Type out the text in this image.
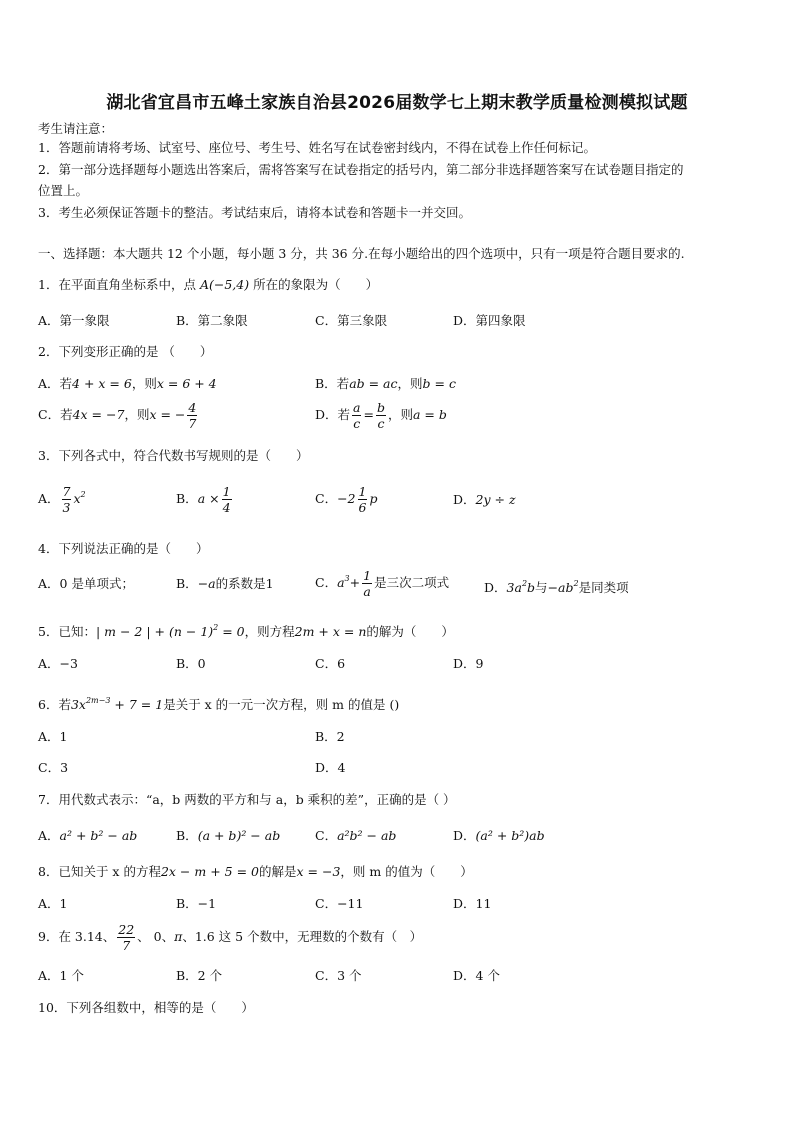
湖北省宜昌市五峰土家族自治县2026届数学七上期末教学质量检测模拟试题
考生请注意：
1．答题前请将考场、试室号、座位号、考生号、姓名写在试卷密封线内，不得在试卷上作任何标记。
2．第一部分选择题每小题选出答案后，需将答案写在试卷指定的括号内，第二部分非选择题答案写在试卷题目指定的
位置上。
3．考生必须保证答题卡的整洁。考试结束后，请将本试卷和答题卡一并交回。
一、选择题：本大题共 12 个小题，每小题 3 分，共 36 分.在每小题给出的四个选项中，只有一项是符合题目要求的.
1．在平面直角坐标系中，点 A(−5,4) 所在的象限为（　　）
A．第一象限	B．第二象限	C．第三象限	D．第四象限
2．下列变形正确的是 （　　）
A．若4 + x = 6，则x = 6 + 4	B．若ab = ac，则b = c
C．若4x = −7，则x = − $\frac{4}{7}$	D．若 $\frac{a}{c} = \frac{b}{c}$ ，则a = b
3．下列各式中，符合代数书写规则的是（　　）
A． $\frac{7}{3} x^2$	B．$a \times \frac{1}{4}$	C．$-2 \frac{1}{6}$ p	D．2y ÷ z
4．下列说法正确的是（　　）
A．0 是单项式；	B．−a的系数是1	C．$a^3+ \frac{1}{a}$ 是三次二项式	D．$3a^2b$与$-ab^2$是同类项
5．已知：| m − 2 | + $(n - 1)^2 = 0$，则方程2m + x = n的解为（　　）
A．−3	B．0	C．6	D．9
6．若$3x^{2m-3} + 7 = 1$是关于 x 的一元一次方程，则 m 的值是 ()
A．1	B．2
C．3	D．4
7．用代数式表示：“a，b 两数的平方和与 a，b 乘积的差”，正确的是（ ）
A．a² + b² − ab	B．(a + b)² − ab	C．a²b² − ab	D．(a² + b²)ab
8．已知关于 x 的方程2x − m + 5 = 0的解是x = −3，则 m 的值为（　　）
A．1	B．−1	C．−11	D．11
9．在 3.14、 $\frac{22}{7}$ 、 0、π、1.6 这 5 个数中，无理数的个数有（　）
A．1 个	B．2 个	C．3 个	D．4 个
10．下列各组数中，相等的是（　　）
